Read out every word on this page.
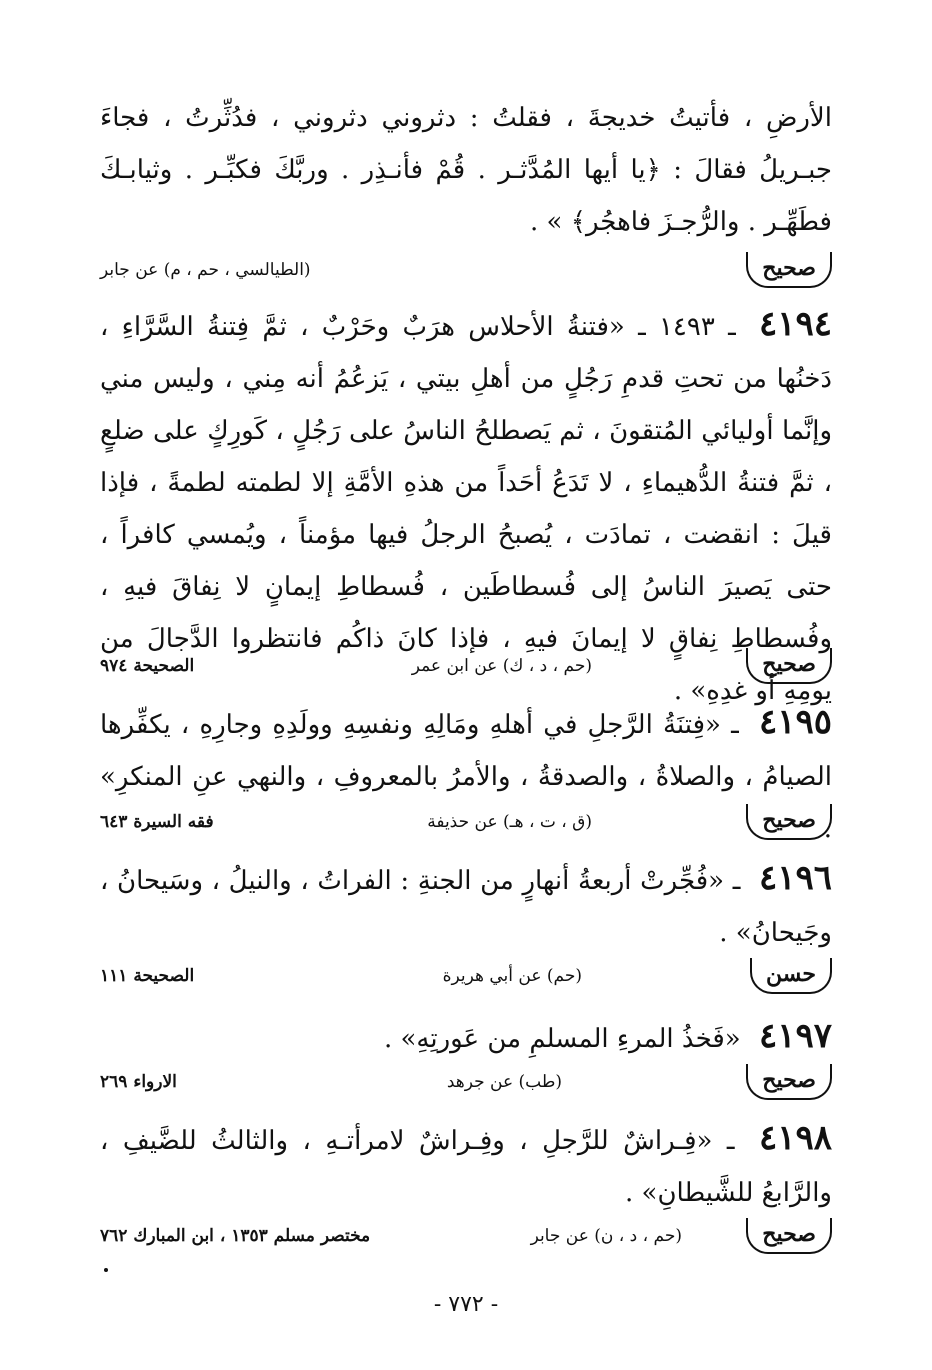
الأرضِ ، فأتيتُ خديجةَ ، فقلتُ : دثروني دثروني ، فدُثِّرتُ ، فجاءَ جبـريلُ فقالَ : ﴿يا أيها المُدَّثـر . قُمْ فأنـذِر . وربَّكَ فكبِّـر . وثيابـكَ فطَهِّـر . والرُّجـزَ فاهجُر﴾ » .

صحيح
(الطيالسي ، حم ، م) عن جابر

٤١٩٤ ـ ١٤٩٣ ـ «فتنةُ الأحلاس هرَبٌ وحَرْبٌ ، ثمَّ فِتنةُ السَّرَّاءِ ، دَخنُها من تحتِ قدمِ رَجُلٍ من أهلِ بيتي ، يَزعُمُ أنه مِني ، وليس مني وإنَّما أوليائي المُتقونَ ، ثم يَصطلحُ الناسُ على رَجُلٍ ، كَورِكٍ على ضلعٍ ، ثمَّ فتنةُ الدُّهيماءِ ، لا تَدَعُ أحَداً من هذهِ الأمَّةِ إلا لطمته لطمةً ، فإذا قيلَ : انقضت ، تمادَت ، يُصبحُ الرجلُ فيها مؤمناً ، ويُمسي كافراً ، حتى يَصيرَ الناسُ إلى فُسطاطَين ، فُسطاطِ إيمانٍ لا نِفاقَ فيهِ ، وفُسطاطِ نِفاقٍ لا إيمانَ فيهِ ، فإذا كانَ ذاكُم فانتظروا الدَّجالَ من يومِهِ أو غدِهِ» .

صحيح
(حم ، د ، ك) عن ابن عمر
الصحيحة ٩٧٤

٤١٩٥ ـ «فِتنَةُ الرَّجلِ في أهلهِ ومَالِهِ ونفسِهِ وولَدِهِ وجارِهِ ، يكفِّرها الصيامُ ، والصلاةُ ، والصدقةُ ، والأمرُ بالمعروفِ ، والنهي عنِ المنكرِ» .

صحيح
(ق ، ت ، هـ) عن حذيفة
فقه السيرة ٦٤٣

٤١٩٦ ـ «فُجِّرتْ أربعةُ أنهارٍ من الجنةِ : الفراتُ ، والنيلُ ، وسَيحانُ ، وجَيحانُ» .

حسن
(حم) عن أبي هريرة
الصحيحة ١١١

٤١٩٧ «فَخذُ المرءِ المسلمِ من عَورتِهِ» .

صحيح
(طب) عن جرهد
الارواء ٢٦٩

٤١٩٨ ـ «فِـراشٌ للرَّجلِ ، وفِـراشٌ لامرأتـهِ ، والثالثُ للضَّيفِ ، والرَّابعُ للشَّيطانِ» .

صحيح
(حم ، د ، ن) عن جابر
مختصر مسلم ١٣٥٣ ، ابن المبارك ٧٦٢
- ٧٧٢ -
